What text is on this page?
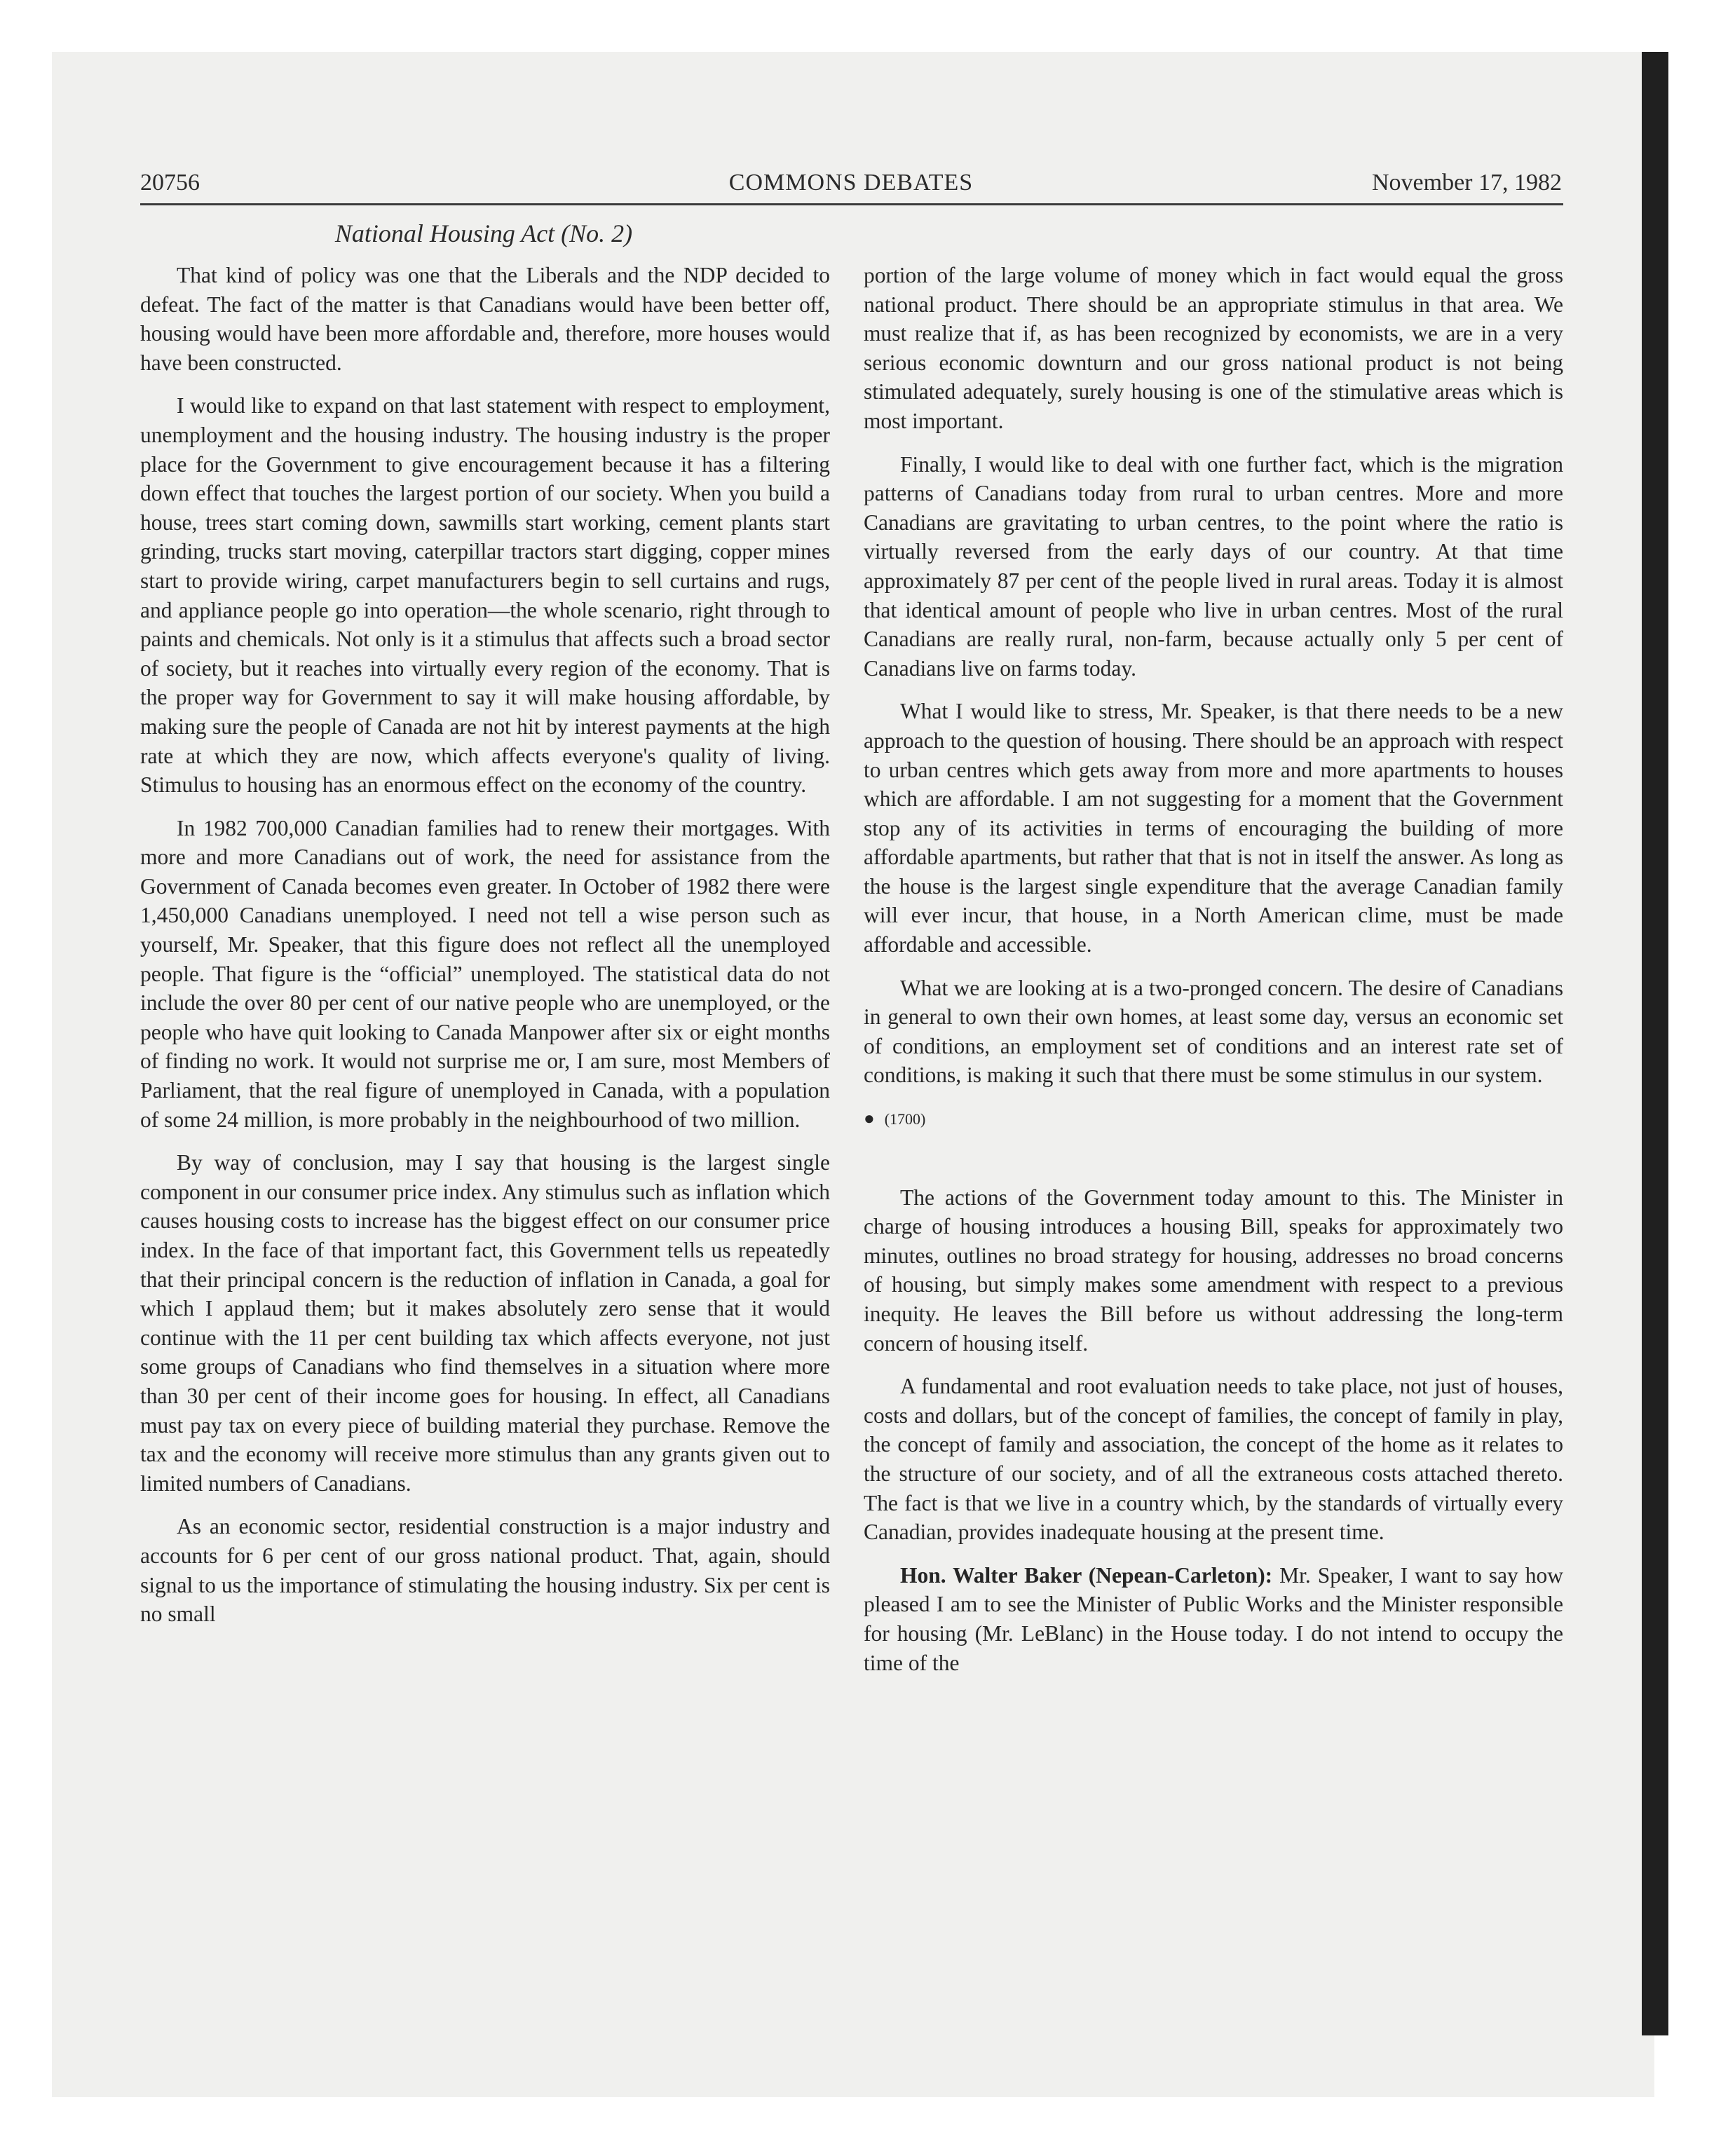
20756	COMMONS DEBATES	November 17, 1982
National Housing Act (No. 2)

That kind of policy was one that the Liberals and the NDP decided to defeat. The fact of the matter is that Canadians would have been better off, housing would have been more affordable and, therefore, more houses would have been constructed.

I would like to expand on that last statement with respect to employment, unemployment and the housing industry. The housing industry is the proper place for the Government to give encouragement because it has a filtering down effect that touches the largest portion of our society. When you build a house, trees start coming down, sawmills start working, cement plants start grinding, trucks start moving, caterpillar tractors start digging, copper mines start to provide wiring, carpet manufacturers begin to sell curtains and rugs, and appliance people go into operation—the whole scenario, right through to paints and chemicals. Not only is it a stimulus that affects such a broad sector of society, but it reaches into virtually every region of the economy. That is the proper way for Government to say it will make housing affordable, by making sure the people of Canada are not hit by interest payments at the high rate at which they are now, which affects everyone's quality of living. Stimulus to housing has an enormous effect on the economy of the country.

In 1982 700,000 Canadian families had to renew their mortgages. With more and more Canadians out of work, the need for assistance from the Government of Canada becomes even greater. In October of 1982 there were 1,450,000 Canadians unemployed. I need not tell a wise person such as yourself, Mr. Speaker, that this figure does not reflect all the unemployed people. That figure is the “official” unemployed. The statistical data do not include the over 80 per cent of our native people who are unemployed, or the people who have quit looking to Canada Manpower after six or eight months of finding no work. It would not surprise me or, I am sure, most Members of Parliament, that the real figure of unemployed in Canada, with a population of some 24 million, is more probably in the neighbourhood of two million.

By way of conclusion, may I say that housing is the largest single component in our consumer price index. Any stimulus such as inflation which causes housing costs to increase has the biggest effect on our consumer price index. In the face of that important fact, this Government tells us repeatedly that their principal concern is the reduction of inflation in Canada, a goal for which I applaud them; but it makes absolutely zero sense that it would continue with the 11 per cent building tax which affects everyone, not just some groups of Canadians who find themselves in a situation where more than 30 per cent of their income goes for housing. In effect, all Canadians must pay tax on every piece of building material they purchase. Remove the tax and the economy will receive more stimulus than any grants given out to limited numbers of Canadians.

As an economic sector, residential construction is a major industry and accounts for 6 per cent of our gross national product. That, again, should signal to us the importance of stimulating the housing industry. Six per cent is no small

portion of the large volume of money which in fact would equal the gross national product. There should be an appropriate stimulus in that area. We must realize that if, as has been recognized by economists, we are in a very serious economic downturn and our gross national product is not being stimulated adequately, surely housing is one of the stimulative areas which is most important.

Finally, I would like to deal with one further fact, which is the migration patterns of Canadians today from rural to urban centres. More and more Canadians are gravitating to urban centres, to the point where the ratio is virtually reversed from the early days of our country. At that time approximately 87 per cent of the people lived in rural areas. Today it is almost that identical amount of people who live in urban centres. Most of the rural Canadians are really rural, non-farm, because actually only 5 per cent of Canadians live on farms today.

What I would like to stress, Mr. Speaker, is that there needs to be a new approach to the question of housing. There should be an approach with respect to urban centres which gets away from more and more apartments to houses which are affordable. I am not suggesting for a moment that the Government stop any of its activities in terms of encouraging the building of more affordable apartments, but rather that that is not in itself the answer. As long as the house is the largest single expenditure that the average Canadian family will ever incur, that house, in a North American clime, must be made affordable and accessible.

What we are looking at is a two-pronged concern. The desire of Canadians in general to own their own homes, at least some day, versus an economic set of conditions, an employment set of conditions and an interest rate set of conditions, is making it such that there must be some stimulus in our system.

● (1700)

The actions of the Government today amount to this. The Minister in charge of housing introduces a housing Bill, speaks for approximately two minutes, outlines no broad strategy for housing, addresses no broad concerns of housing, but simply makes some amendment with respect to a previous inequity. He leaves the Bill before us without addressing the long-term concern of housing itself.

A fundamental and root evaluation needs to take place, not just of houses, costs and dollars, but of the concept of families, the concept of family in play, the concept of family and association, the concept of the home as it relates to the structure of our society, and of all the extraneous costs attached thereto. The fact is that we live in a country which, by the standards of virtually every Canadian, provides inadequate housing at the present time.

Hon. Walter Baker (Nepean-Carleton): Mr. Speaker, I want to say how pleased I am to see the Minister of Public Works and the Minister responsible for housing (Mr. LeBlanc) in the House today. I do not intend to occupy the time of the
